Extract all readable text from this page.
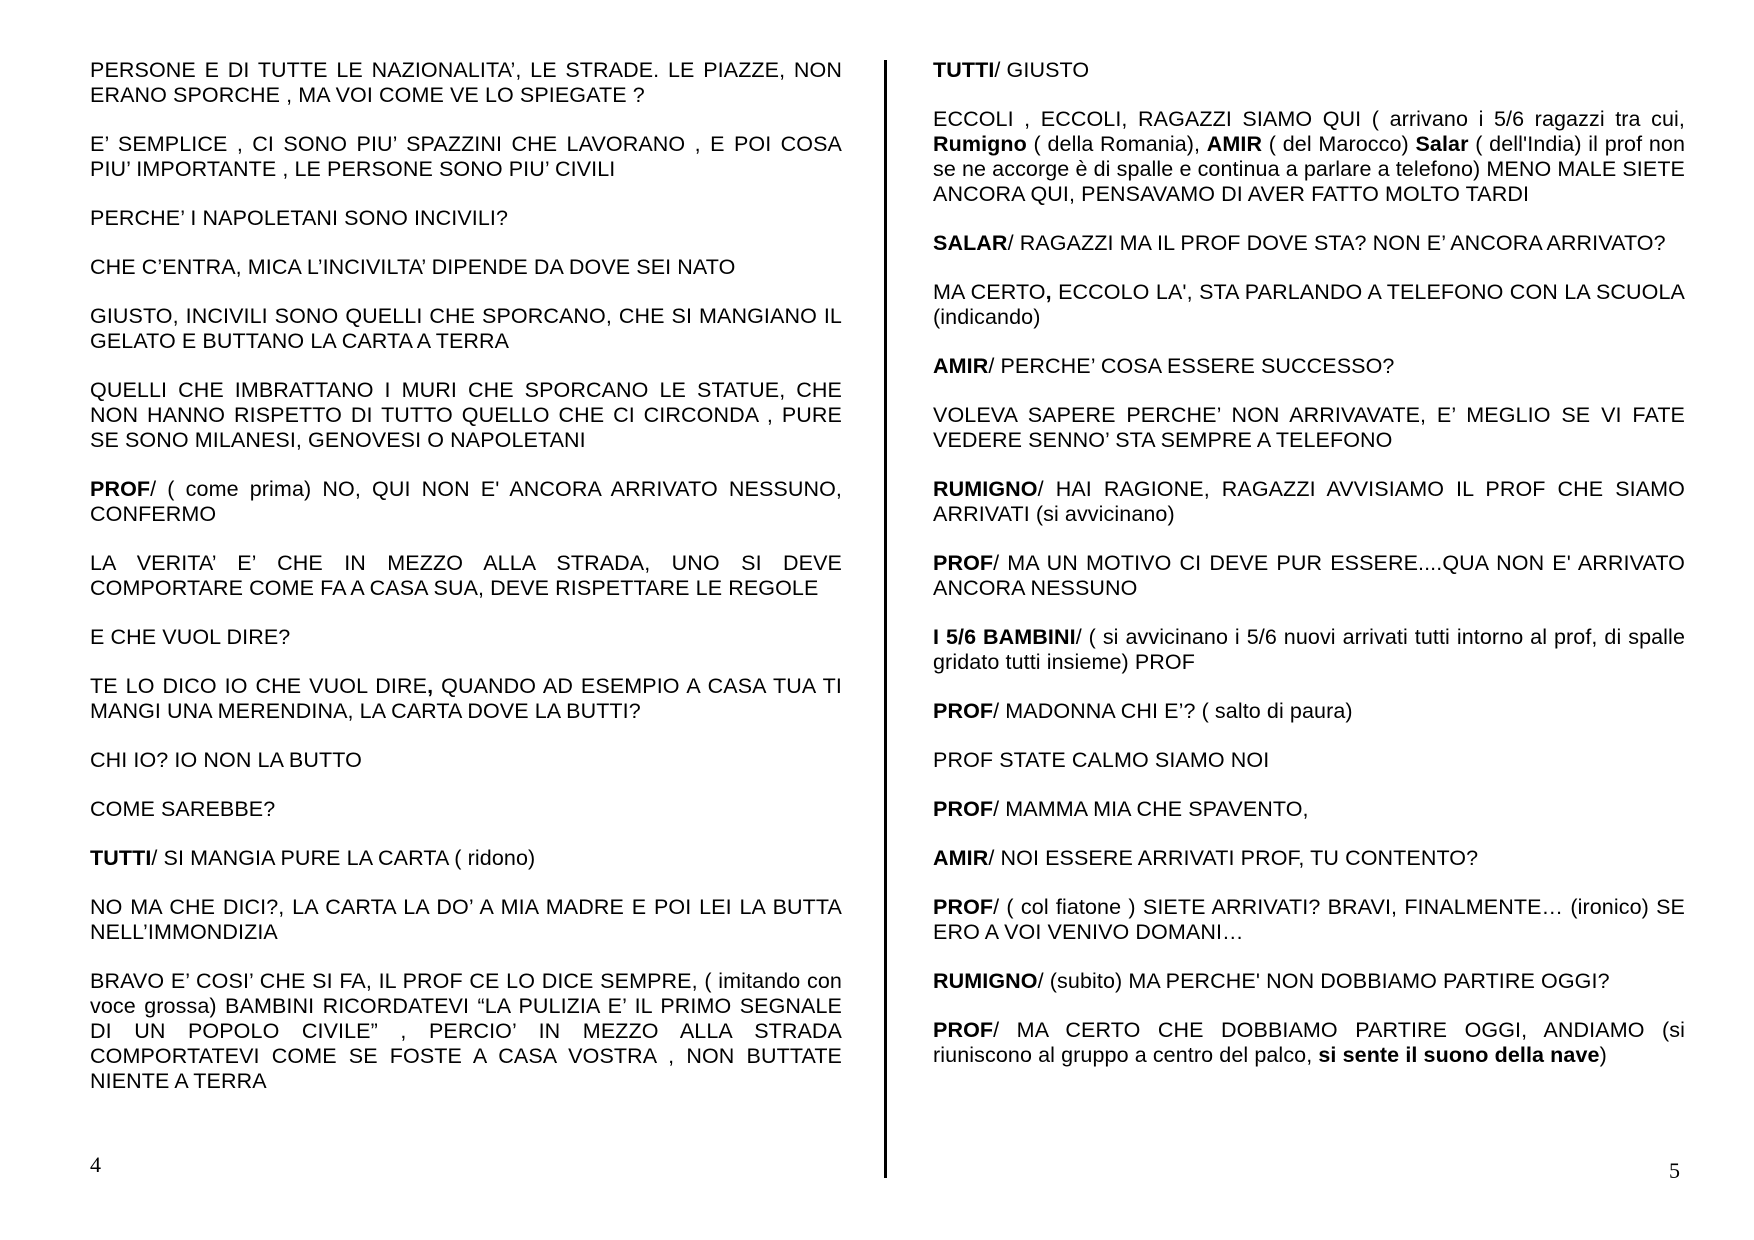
PERSONE E DI TUTTE LE NAZIONALITA’, LE STRADE. LE PIAZZE, NON ERANO SPORCHE , MA VOI COME VE LO SPIEGATE ?

E’ SEMPLICE , CI SONO PIU’ SPAZZINI CHE LAVORANO , E POI COSA PIU’ IMPORTANTE , LE PERSONE SONO PIU’ CIVILI

PERCHE’ I NAPOLETANI SONO INCIVILI?

CHE C’ENTRA, MICA L’INCIVILTA’ DIPENDE DA DOVE SEI NATO

GIUSTO, INCIVILI SONO QUELLI CHE SPORCANO, CHE SI MANGIANO IL GELATO E BUTTANO LA CARTA A TERRA

QUELLI CHE IMBRATTANO I MURI CHE SPORCANO LE STATUE, CHE NON HANNO RISPETTO DI TUTTO QUELLO CHE CI CIRCONDA , PURE SE SONO MILANESI, GENOVESI O NAPOLETANI

PROF/ ( come prima) NO, QUI NON E' ANCORA ARRIVATO NESSUNO, CONFERMO

LA VERITA’ E’ CHE IN MEZZO ALLA STRADA, UNO SI DEVE COMPORTARE COME FA A CASA SUA, DEVE RISPETTARE LE REGOLE

E CHE VUOL DIRE?

TE LO DICO IO CHE VUOL DIRE, QUANDO AD ESEMPIO A CASA TUA TI MANGI UNA MERENDINA, LA CARTA DOVE LA BUTTI?

CHI IO? IO NON LA BUTTO

COME SAREBBE?

TUTTI/ SI MANGIA PURE LA CARTA ( ridono)

NO MA CHE DICI?, LA CARTA LA DO’ A MIA MADRE E POI LEI LA BUTTA NELL’IMMONDIZIA

BRAVO E’ COSI’ CHE SI FA, IL PROF CE LO DICE SEMPRE, ( imitando con voce grossa) BAMBINI RICORDATEVI “LA PULIZIA E’ IL PRIMO SEGNALE DI UN POPOLO CIVILE” , PERCIO’ IN MEZZO ALLA STRADA COMPORTATEVI COME SE FOSTE A CASA VOSTRA , NON BUTTATE NIENTE A TERRA

TUTTI/ GIUSTO

ECCOLI , ECCOLI, RAGAZZI SIAMO QUI ( arrivano i 5/6 ragazzi tra cui, Rumigno ( della Romania), AMIR ( del Marocco) Salar ( dell'India) il prof non se ne accorge è di spalle e continua a parlare a telefono) MENO MALE SIETE ANCORA QUI, PENSAVAMO DI AVER FATTO MOLTO TARDI

SALAR/ RAGAZZI MA IL PROF DOVE STA? NON E’ ANCORA ARRIVATO?

MA CERTO, ECCOLO LA', STA PARLANDO A TELEFONO CON LA SCUOLA (indicando)

AMIR/ PERCHE’ COSA ESSERE SUCCESSO?

VOLEVA SAPERE PERCHE’ NON ARRIVAVATE, E’ MEGLIO SE VI FATE VEDERE SENNO’ STA SEMPRE A TELEFONO

RUMIGNO/ HAI RAGIONE, RAGAZZI AVVISIAMO IL PROF CHE SIAMO ARRIVATI (si avvicinano)

PROF/ MA UN MOTIVO CI DEVE PUR ESSERE....QUA NON E' ARRIVATO ANCORA NESSUNO

I 5/6 BAMBINI/ ( si avvicinano i 5/6 nuovi arrivati tutti intorno al prof, di spalle gridato tutti insieme) PROF

PROF/ MADONNA CHI E’? ( salto di paura)

PROF STATE CALMO SIAMO NOI

PROF/ MAMMA MIA CHE SPAVENTO,

AMIR/ NOI ESSERE ARRIVATI PROF, TU CONTENTO?

PROF/ ( col fiatone ) SIETE ARRIVATI? BRAVI, FINALMENTE… (ironico) SE ERO A VOI VENIVO DOMANI…

RUMIGNO/ (subito) MA PERCHE' NON DOBBIAMO PARTIRE OGGI?

PROF/ MA CERTO CHE DOBBIAMO PARTIRE OGGI, ANDIAMO (si riuniscono al gruppo a centro del palco, si sente il suono della nave)

4	5
